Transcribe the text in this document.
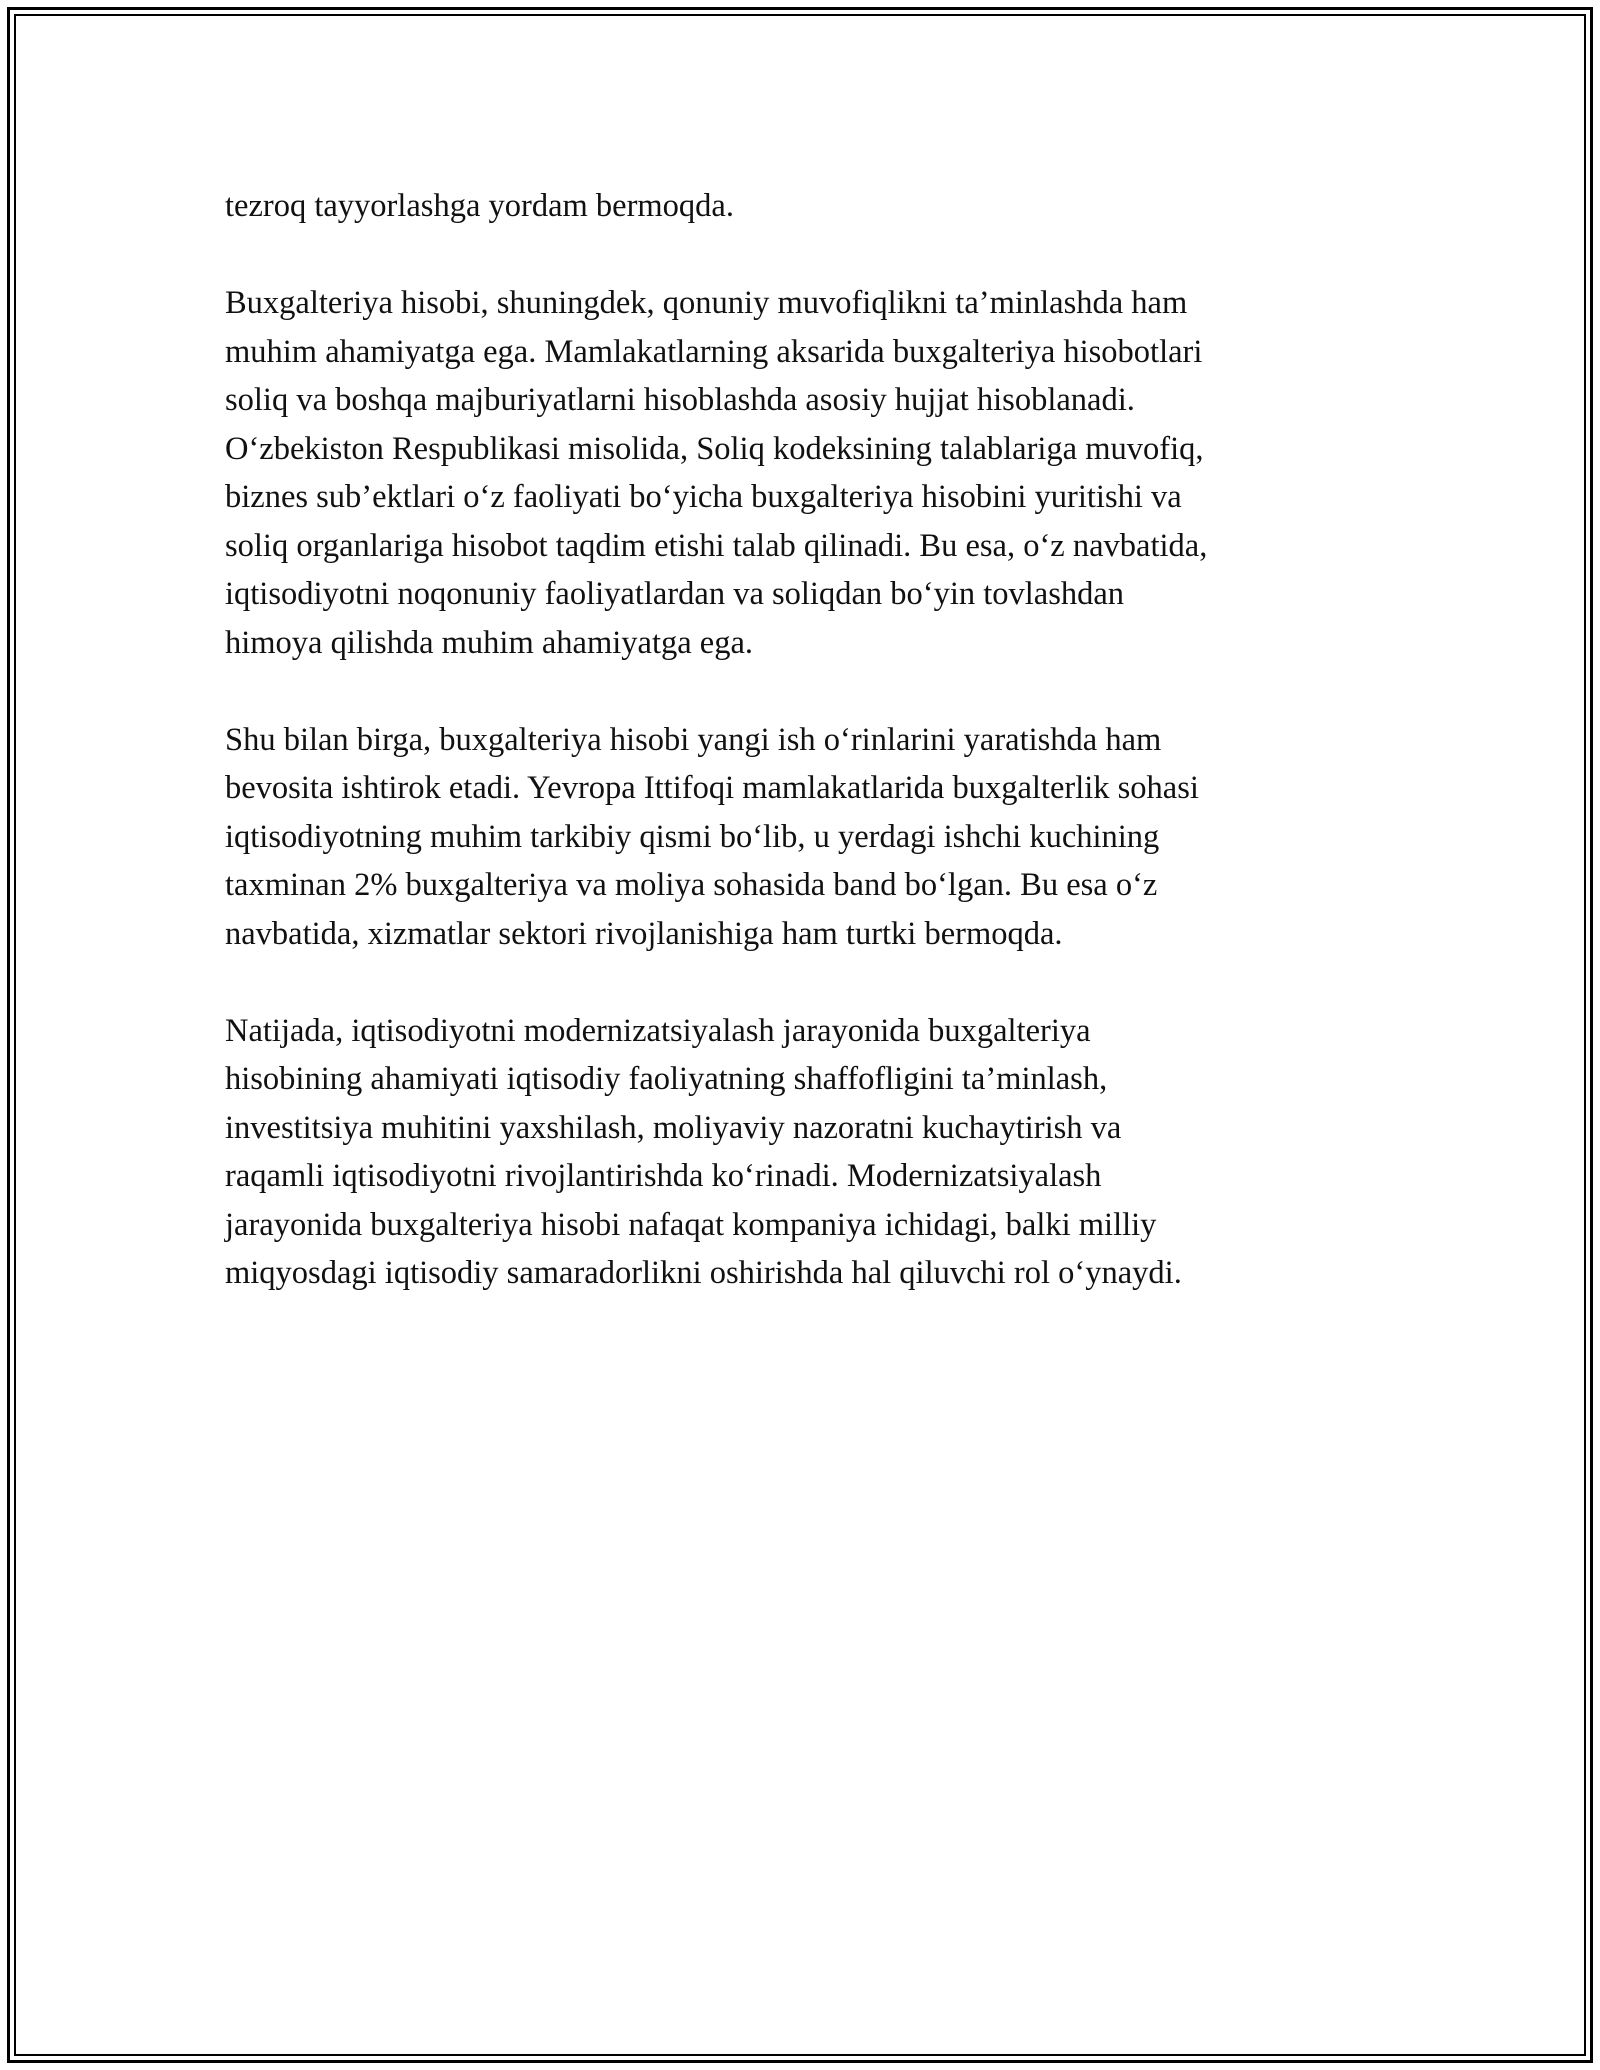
tezroq tayyorlashga yordam bermoqda.

Buxgalteriya hisobi, shuningdek, qonuniy muvofiqlikni ta’minlashda ham
muhim ahamiyatga ega. Mamlakatlarning aksarida buxgalteriya hisobotlari
soliq va boshqa majburiyatlarni hisoblashda asosiy hujjat hisoblanadi.
O‘zbekiston Respublikasi misolida, Soliq kodeksining talablariga muvofiq,
biznes sub’ektlari o‘z faoliyati bo‘yicha buxgalteriya hisobini yuritishi va
soliq organlariga hisobot taqdim etishi talab qilinadi. Bu esa, o‘z navbatida,
iqtisodiyotni noqonuniy faoliyatlardan va soliqdan bo‘yin tovlashdan
himoya qilishda muhim ahamiyatga ega.

Shu bilan birga, buxgalteriya hisobi yangi ish o‘rinlarini yaratishda ham
bevosita ishtirok etadi. Yevropa Ittifoqi mamlakatlarida buxgalterlik sohasi
iqtisodiyotning muhim tarkibiy qismi bo‘lib, u yerdagi ishchi kuchining
taxminan 2% buxgalteriya va moliya sohasida band bo‘lgan. Bu esa o‘z
navbatida, xizmatlar sektori rivojlanishiga ham turtki bermoqda.

Natijada, iqtisodiyotni modernizatsiyalash jarayonida buxgalteriya
hisobining ahamiyati iqtisodiy faoliyatning shaffofligini ta’minlash,
investitsiya muhitini yaxshilash, moliyaviy nazoratni kuchaytirish va
raqamli iqtisodiyotni rivojlantirishda ko‘rinadi. Modernizatsiyalash
jarayonida buxgalteriya hisobi nafaqat kompaniya ichidagi, balki milliy
miqyosdagi iqtisodiy samaradorlikni oshirishda hal qiluvchi rol o‘ynaydi.
